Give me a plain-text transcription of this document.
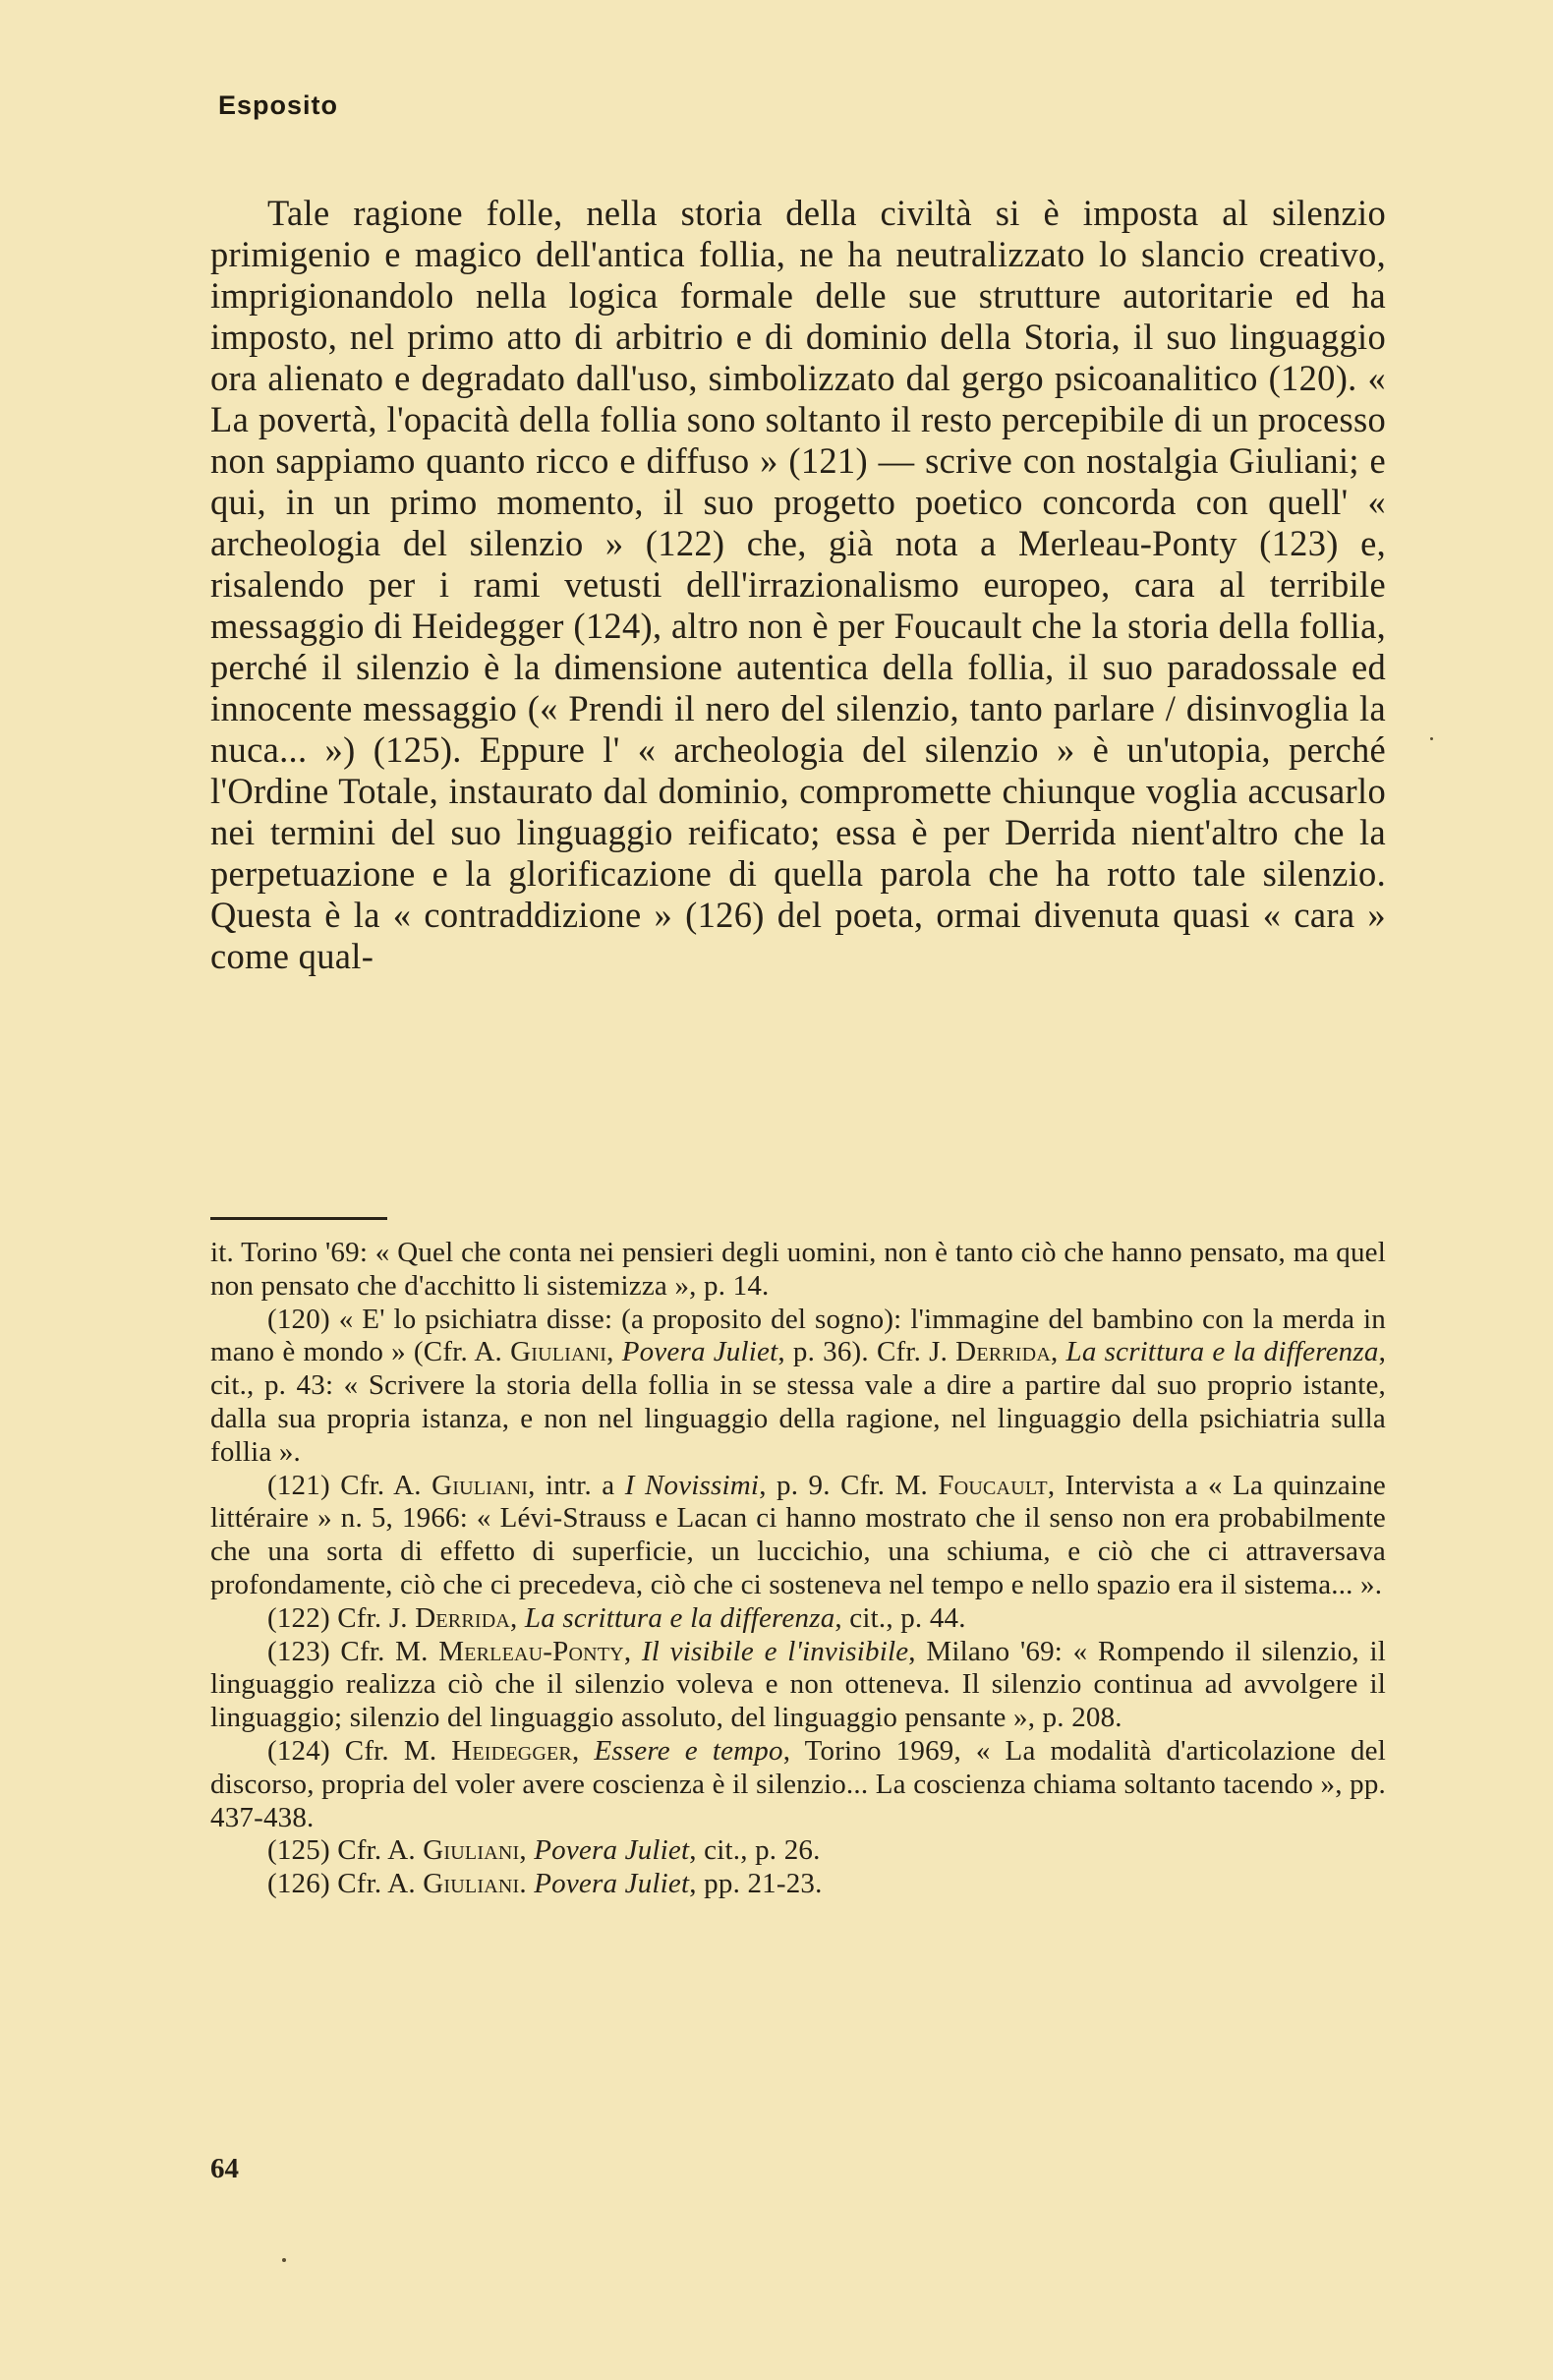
Esposito

Tale ragione folle, nella storia della civiltà si è imposta al silenzio primigenio e magico dell'antica follia, ne ha neutralizzato lo slancio creativo, imprigionandolo nella logica formale delle sue strutture autoritarie ed ha imposto, nel primo atto di arbitrio e di dominio della Storia, il suo linguaggio ora alienato e degradato dall'uso, simbolizzato dal gergo psicoanalitico (120). « La povertà, l'opacità della follia sono soltanto il resto percepibile di un processo non sappiamo quanto ricco e diffuso » (121) — scrive con nostalgia Giuliani; e qui, in un primo momento, il suo progetto poetico concorda con quell' « archeologia del silenzio » (122) che, già nota a Merleau-Ponty (123) e, risalendo per i rami vetusti dell'irrazionalismo europeo, cara al terribile messaggio di Heidegger (124), altro non è per Foucault che la storia della follia, perché il silenzio è la dimensione autentica della follia, il suo paradossale ed innocente messaggio (« Prendi il nero del silenzio, tanto parlare / disinvoglia la nuca... ») (125). Eppure l' « archeologia del silenzio » è un'utopia, perché l'Ordine Totale, instaurato dal dominio, compromette chiunque voglia accusarlo nei termini del suo linguaggio reificato; essa è per Derrida nient'altro che la perpetuazione e la glorificazione di quella parola che ha rotto tale silenzio. Questa è la « contraddizione » (126) del poeta, ormai divenuta quasi « cara » come qual-

it. Torino '69: « Quel che conta nei pensieri degli uomini, non è tanto ciò che hanno pensato, ma quel non pensato che d'acchitto li sistemizza », p. 14.

(120) « E' lo psichiatra disse: (a proposito del sogno): l'immagine del bambino con la merda in mano è mondo » (Cfr. A. Giuliani, Povera Juliet, p. 36). Cfr. J. Derrida, La scrittura e la differenza, cit., p. 43: « Scrivere la storia della follia in se stessa vale a dire a partire dal suo proprio istante, dalla sua propria istanza, e non nel linguaggio della ragione, nel linguaggio della psichiatria sulla follia ».

(121) Cfr. A. Giuliani, intr. a I Novissimi, p. 9. Cfr. M. Foucault, Intervista a « La quinzaine littéraire » n. 5, 1966: « Lévi-Strauss e Lacan ci hanno mostrato che il senso non era probabilmente che una sorta di effetto di superficie, un luccichio, una schiuma, e ciò che ci attraversava profondamente, ciò che ci precedeva, ciò che ci sosteneva nel tempo e nello spazio era il sistema... ».

(122) Cfr. J. Derrida, La scrittura e la differenza, cit., p. 44.

(123) Cfr. M. Merleau-Ponty, Il visibile e l'invisibile, Milano '69: « Rompendo il silenzio, il linguaggio realizza ciò che il silenzio voleva e non otteneva. Il silenzio continua ad avvolgere il linguaggio; silenzio del linguaggio assoluto, del linguaggio pensante », p. 208.

(124) Cfr. M. Heidegger, Essere e tempo, Torino 1969, « La modalità d'articolazione del discorso, propria del voler avere coscienza è il silenzio... La coscienza chiama soltanto tacendo », pp. 437-438.

(125) Cfr. A. Giuliani, Povera Juliet, cit., p. 26.

(126) Cfr. A. Giuliani. Povera Juliet, pp. 21-23.

64
